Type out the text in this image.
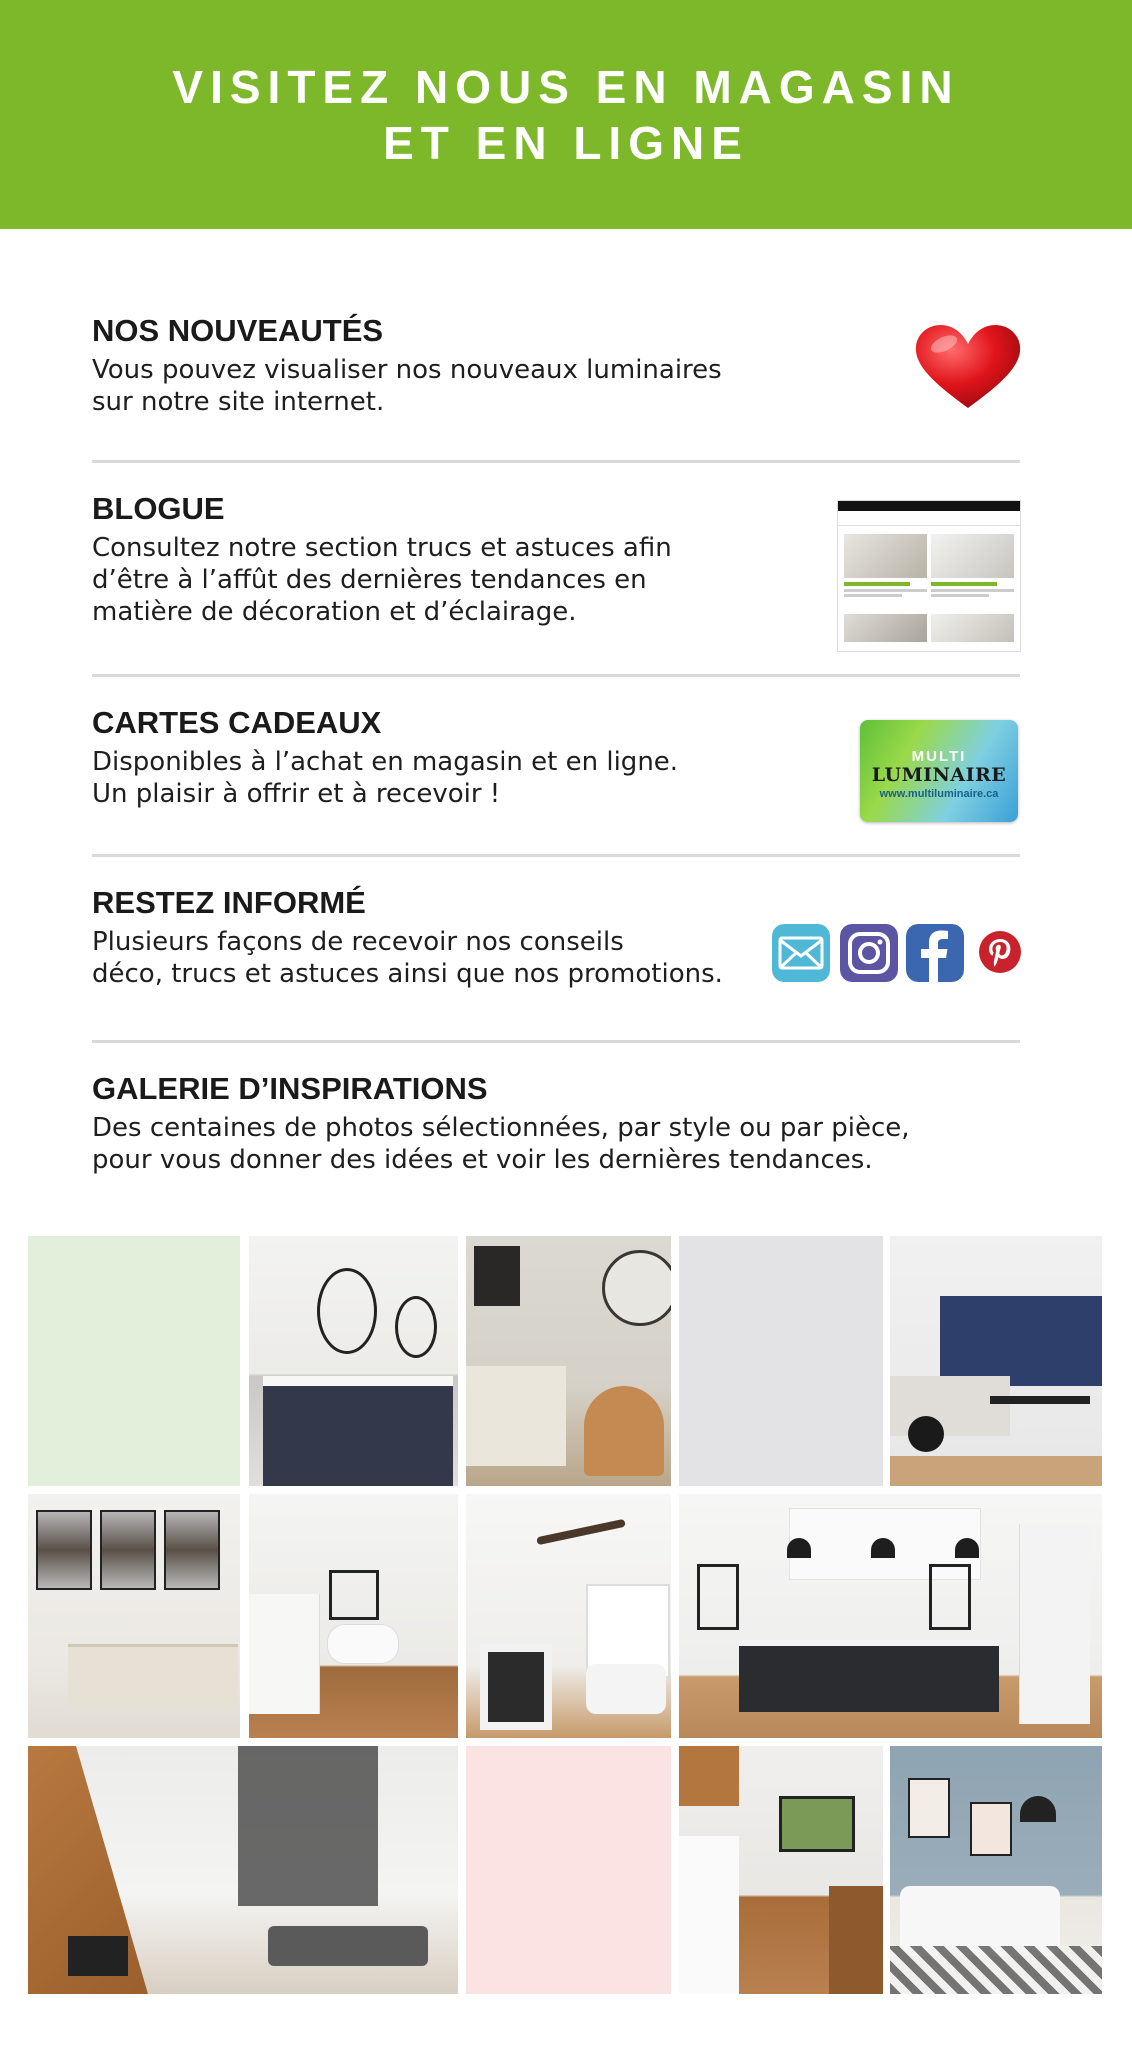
VISITEZ NOUS EN MAGASIN
ET EN LIGNE
NOS NOUVEAUTÉS

Vous pouvez visualiser nos nouveaux luminaires
sur notre site internet.

BLOGUE

Consultez notre section trucs et astuces afin
d’être à l’affût des dernières tendances en
matière de décoration et d’éclairage.

CARTES CADEAUX

Disponibles à l’achat en magasin et en ligne.
Un plaisir à offrir et à recevoir !

MULTI
LUMINAIRE
www.multiluminaire.ca
RESTEZ INFORMÉ

Plusieurs façons de recevoir nos conseils
déco, trucs et astuces ainsi que nos promotions.

GALERIE D’INSPIRATIONS

Des centaines de photos sélectionnées, par style ou par pièce,
pour vous donner des idées et voir les dernières tendances.
